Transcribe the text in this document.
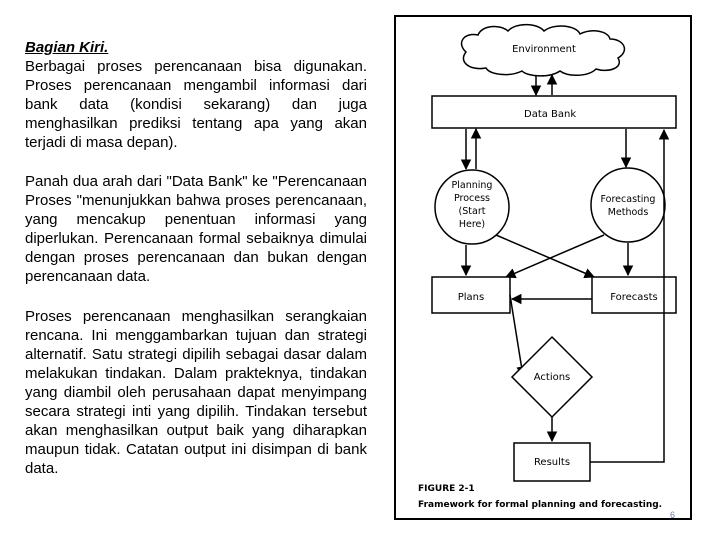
Bagian Kiri.

Berbagai proses perencanaan bisa digunakan. Proses perencanaan mengambil informasi dari bank data (kondisi sekarang) dan juga menghasilkan prediksi tentang apa yang akan terjadi di masa depan).

Panah dua arah dari "Data Bank" ke "Perencanaan Proses "menunjukkan bahwa proses perencanaan, yang mencakup penentuan informasi yang diperlukan. Perencanaan formal sebaiknya dimulai dengan proses perencanaan dan bukan dengan perencanaan data.

Proses perencanaan menghasilkan serangkaian rencana. Ini menggambarkan tujuan dan strategi alternatif. Satu strategi dipilih sebagai dasar dalam melakukan tindakan. Dalam prakteknya, tindakan yang diambil oleh perusahaan dapat menyimpang secara strategi inti yang dipilih. Tindakan tersebut akan menghasilkan output baik yang diharapkan maupun tidak. Catatan output ini disimpan di bank data.

Environment
Data Bank
Planning
Process
(Start
Here)
Forecasting
Methods
Plans	Forecasts
Actions
Results
FIGURE 2-1
Framework for formal planning and forecasting.
6
